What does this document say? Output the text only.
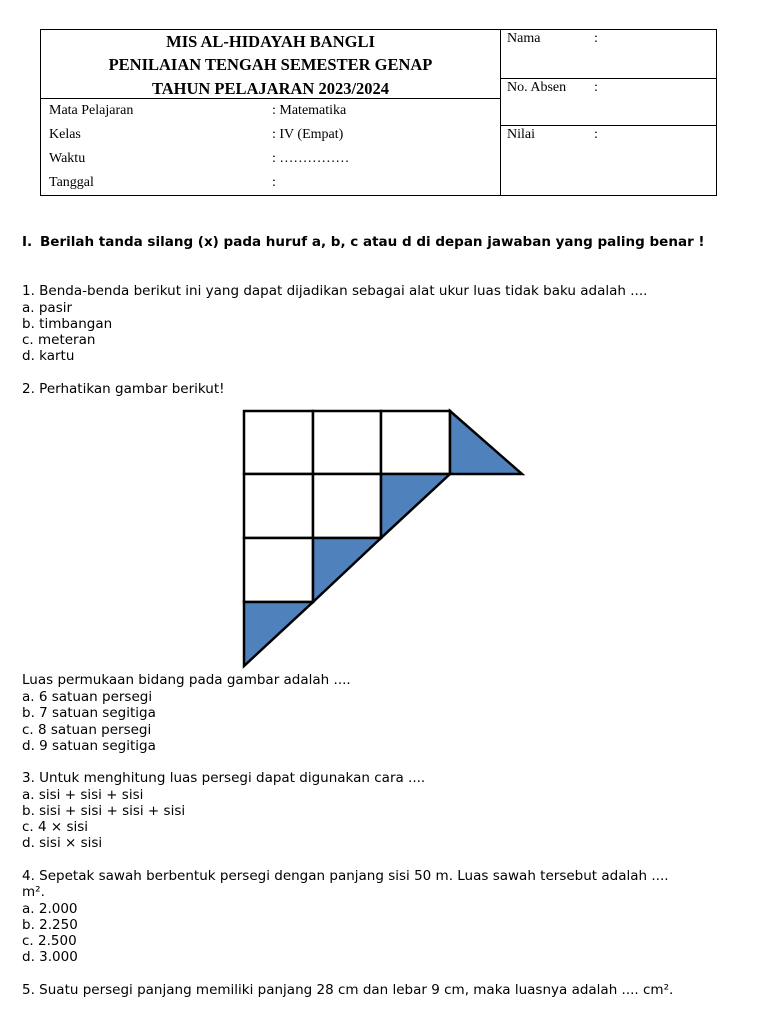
MIS AL-HIDAYAH BANGLI
PENILAIAN TENGAH SEMESTER GENAP
TAHUN PELAJARAN 2023/2024
Mata Pelajaran	: Matematika
Kelas	: IV (Empat)
Waktu	: ……………
Tanggal	:
Nama	:
No. Absen :
Nilai	:
I. Berilah tanda silang (x) pada huruf a, b, c atau d di depan jawaban yang paling benar !
1. Benda-benda berikut ini yang dapat dijadikan sebagai alat ukur luas tidak baku adalah ....
a. pasir
b. timbangan
c. meteran
d. kartu
2. Perhatikan gambar berikut!
Luas permukaan bidang pada gambar adalah ....
a. 6 satuan persegi
b. 7 satuan segitiga
c. 8 satuan persegi
d. 9 satuan segitiga
3. Untuk menghitung luas persegi dapat digunakan cara ....
a. sisi + sisi + sisi
b. sisi + sisi + sisi + sisi
c. 4 × sisi
d. sisi × sisi
4. Sepetak sawah berbentuk persegi dengan panjang sisi 50 m. Luas sawah tersebut adalah ....
m².
a. 2.000
b. 2.250
c. 2.500
d. 3.000
5. Suatu persegi panjang memiliki panjang 28 cm dan lebar 9 cm, maka luasnya adalah .... cm².
